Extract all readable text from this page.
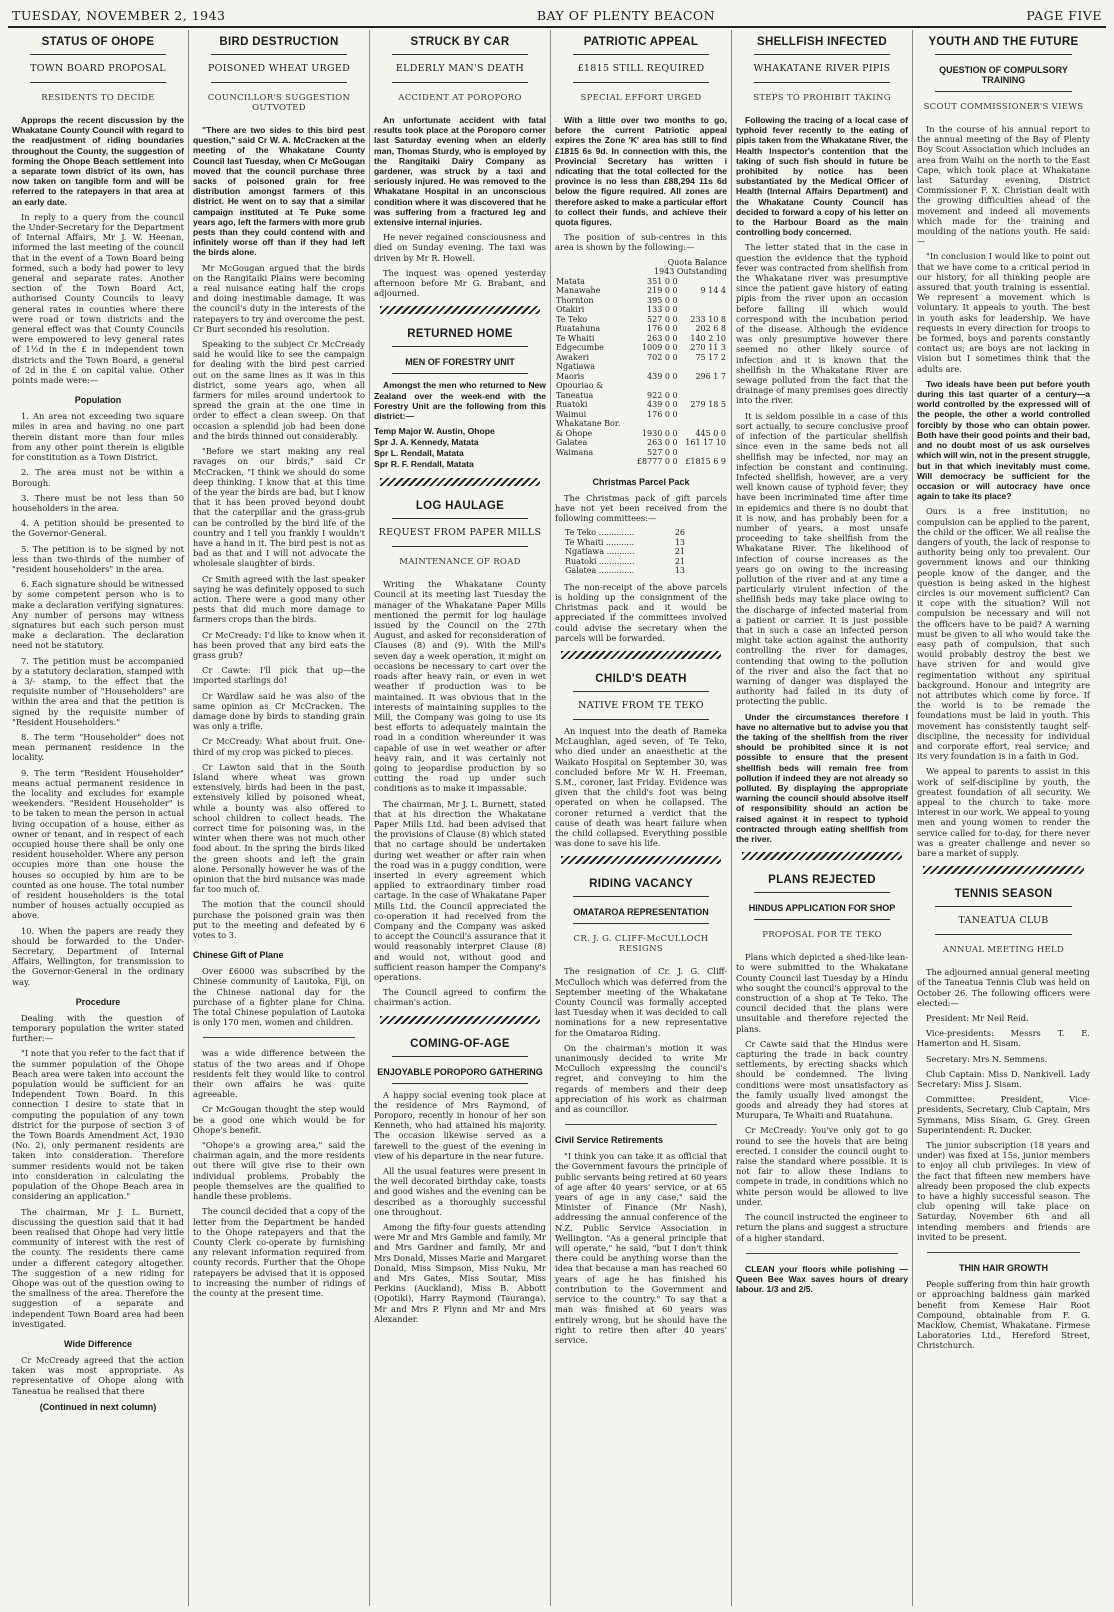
TUESDAY, NOVEMBER 2, 1943	BAY OF PLENTY BEACON	PAGE FIVE
STATUS OF OHOPE
TOWN BOARD PROPOSAL
RESIDENTS TO DECIDE

Approps the recent discussion by the Whakatane County Council with regard to the readjustment of riding boundaries throughout the County, the suggestion of forming the Ohope Beach settlement into a separate town district of its own, has now taken on tangible form and will be referred to the ratepayers in that area at an early date.

In reply to a query from the council the Under-Secretary for the Department of Internal Affairs, Mr J. W. Heenan, informed the last meeting of the council that in the event of a Town Board being formed, such a body had power to levy general and separate rates. Another section of the Town Board Act, authorised County Councils to leavy general rates in counties where there were road or town districts and the general effect was that County Councils were empowered to levy general rates of 1½d in the £ in independent town districts and the Town Board, a general of 2d in the £ on capital value. Other points made were:—

Population

1. An area not exceeding two square miles in area and having no one part therein distant more than four miles from any other point therein is eligible for constitution as a Town District.

2. The area must not be within a Borough.

3. There must be not less than 50 householders in the area.

4. A petition should be presented to the Governor-General.

5. The petition is to be signed by not less than two-thirds of the number of "resident householders" in the area.

6. Each signature should be witnessed by some competent person who is to make a declaration verifying signatures. Any number of persons may witness signatures but each such person must make a declaration. The declaration need not be statutory.

7. The petition must be accompanied by a statutory declaration, stamped with a 3/- stamp, to the effect that the requisite number of "Householders" are within the area and that the petition is signed by the requisite number of "Resident Householders."

8. The term "Householder" does not mean permanent residence in the locality.

9. The term "Resident Householder" means actual permanent residence in the locality and excludes for example weekenders. "Resident Householder" is to be taken to mean the person in actual living occupation of a house, either as owner or tenant, and in respect of each occupied house there shall be only one resident householder. Where any person occupies more than one house the houses so occupied by him are to be counted as one house. The total number of resident householders is the total number of houses actually occupied as above.

10. When the papers are ready they should be forwarded to the Under-Secretary, Department of Internal Affairs, Wellington, for transmission to the Governor-General in the ordinary way.

Procedure

Dealing with the question of temporary population the writer stated further:—

"I note that you refer to the fact that if the summer population of the Ohope Beach area were taken into account the population would be sufficient for an Independent Town Board. In this connection I desire to state that in computing the population of any town district for the purpose of section 3 of the Town Boards Amendment Act, 1930 (No. 2), only permanent residents are taken into consideration. Therefore summer residents would not be taken into consideration in calculating the population of the Ohope Beach area in considering an application."

The chairman, Mr J. L. Burnett, discussing the question said that it had been realised that Ohope had very little community of interest with the rest of the county. The residents there came under a different category altogether. The suggestion of a new riding for Ohope was out of the question owing to the smallness of the area. Therefore the suggestion of a separate and independent Town Board area had been investigated.

Wide Difference

Cr McCready agreed that the action taken was most appropriate. As representative of Ohope along with Taneatua he realised that there

(Continued in next column)
BIRD DESTRUCTION
POISONED WHEAT URGED
COUNCILLOR'S SUGGESTION OUTVOTED

"There are two sides to this bird pest question," said Cr W. A. McCracken at the meeting of the Whakatane County Council last Tuesday, when Cr McGougan moved that the council purchase three sacks of poisoned grain for free distribution amongst farmers of this district. He went on to say that a similar campaign instituted at Te Puke some years ago, left the farmers with more grub pests than they could contend with and infinitely worse off than if they had left the birds alone.

Mr McGougan argued that the birds on the Rangitaiki Plains were becoming a real nuisance eating half the crops and doing inestimable damage. It was the council's duty in the interests of the ratepayers to try and overcome the pest. Cr Burt seconded his resolution.

Speaking to the subject Cr McCready said he would like to see the campaign for dealing with the bird pest carried out on the same lines as it was in this district, some years ago, when all farmers for miles around undertook to spread the grain at the one time in order to effect a clean sweep. On that occasion a splendid job had been done and the birds thinned out considerably.

"Before we start making any real ravages on our birds," said Cr McCracken, "I think we should do some deep thinking. I know that at this time of the year the birds are bad, but I know that it has been proved beyond doubt that the caterpillar and the grass-grub can be controlled by the bird life of the country and I tell you frankly I wouldn't have a hand in it. The bird pest is not as bad as that and I will not advocate the wholesale slaughter of birds.

Cr Smith agreed with the last speaker saying he was definitely opposed to such action. There were a good many other pests that did much more damage to farmers crops than the birds.

Cr McCready: I'd like to know when it has been proved that any bird eats the grass grub?

Cr Cawte: I'll pick that up—the imported starlings do!

Cr Wardlaw said he was also of the same opinion as Cr McCracken. The damage done by birds to standing grain was only a trifle.

Cr McCready: What about fruit. One-third of my crop was picked to pieces.

Cr Lawton said that in the South Island where wheat was grown extensively, birds had been in the past, extensively killed by poisoned wheat, while a bounty was also offered to school children to collect heads. The correct time for poisoning was, in the winter when there was not much other food about. In the spring the birds liked the green shoots and left the grain alone. Personally however he was of the opinion that the bird nuisance was made far too much of.

The motion that the council should purchase the poisoned grain was then put to the meeting and defeated by 6 votes to 3.

Chinese Gift of Plane

Over £6000 was subscribed by the Chinese community of Lautoka, Fiji, on the Chinese national day for the purchase of a fighter plane for China. The total Chinese population of Lautoka is only 170 men, women and children.

was a wide difference between the status of the two areas and if Ohope residents felt they would like to control their own affairs he was quite agreeable.

Cr McGougan thought the step would be a good one which would be for Ohope's benefit.

"Ohope's a growing area," said the chairman again, and the more residents out there will give rise to their own individual problems. Probably the people themselves are the qualified to handle these problems.

The council decided that a copy of the letter from the Department be handed to the Ohope ratepayers and that the County Clerk co-operate by furnishing any relevant information required from county records. Further that the Ohope ratepayers be advised that it is opposed to increasing the number of ridings of the county at the present time.

STRUCK BY CAR
ELDERLY MAN'S DEATH
ACCIDENT AT POROPORO

An unfortunate accident with fatal results took place at the Poroporo corner last Saturday evening when an elderly man, Thomas Sturdy, who is employed by the Rangitaiki Dairy Company as gardener, was struck by a taxi and seriously injured. He was removed to the Whakatane Hospital in an unconscious condition where it was discovered that he was suffering from a fractured leg and extensive internal injuries.

He never regained consciousness and died on Sunday evening. The taxi was driven by Mr R. Howell.

The inquest was opened yesterday afternoon before Mr G. Brabant, and adjourned.

RETURNED HOME
MEN OF FORESTRY UNIT

Amongst the men who returned to New Zealand over the week-end with the Forestry Unit are the following from this district:—

Temp Major W. Austin, Ohope
Spr J. A. Kennedy, Matata
Spr L. Rendall, Matata
Spr R. F. Rendall, Matata
LOG HAULAGE
REQUEST FROM PAPER MILLS
MAINTENANCE OF ROAD

Writing the Whakatane County Council at its meeting last Tuesday the manager of the Whakatane Paper Mills mentioned the permit for log haulage issued by the Council on the 27th August, and asked for reconsideration of Clauses (8) and (9). With the Mill's seven day a week operation, it might on occasions be necessary to cart over the roads after heavy rain, or even in wet weather if production was to be maintained. It was obvious that in the interests of maintaining supplies to the Mill, the Company was going to use its best efforts to adequately maintain the road in a condition whereunder it was capable of use in wet weather or after heavy rain, and it was certainly not going to jeopardise production by so cutting the road up under such conditions as to make it impassable.

The chairman, Mr J. L. Burnett, stated that at his direction the Whakatane Paper Mills Ltd. had been advised that the provisions of Clause (8) which stated that no cartage should be undertaken during wet weather or after rain when the road was in a puggy condition, were inserted in every agreement which applied to extraordinary timber road cartage. In the case of Whakatane Paper Mills Ltd. the Council appreciated the co-operation it had received from the Company and the Company was asked to accept the Council's assurance that it would reasonably interpret Clause (8) and would not, without good and sufficient reason hamper the Company's operations.

The Council agreed to confirm the chairman's action.

COMING-OF-AGE
ENJOYABLE POROPORO GATHERING

A happy social evening took place at the residence of Mrs Raymond, of Poroporo, recently in honour of her son Kenneth, who had attained his majority. The occasion likewise served as a farewell to the guest of the evening in view of his departure in the near future.

All the usual features were present in the well decorated birthday cake, toasts and good wishes and the evening can be described as a thoroughly successful one throughout.

Among the fifty-four guests attending were Mr and Mrs Gamble and family, Mr and Mrs Gardner and family, Mr and Mrs Donald, Misses Marie and Margaret Donald, Miss Simpson, Miss Nuku, Mr and Mrs Gates, Miss Soutar, Miss Perkins (Auckland), Miss B. Abbott (Opotiki), Harry Raymond (Tauranga), Mr and Mrs P. Flynn and Mr and Mrs Alexander.

PATRIOTIC APPEAL
£1815 STILL REQUIRED
SPECIAL EFFORT URGED

With a little over two months to go, before the current Patriotic appeal expires the Zone 'K' area has still to find £1815 6s 9d. In connection with this, the Provincial Secretary has written i ndicating that the total collected for the province is no less than £88,294 11s 6d below the figure required. All zones are therefore asked to make a particular effort to collect their funds, and achieve their quota figures.

The position of sub-centres in this area is shown by the following:—

Quota Balance
1943 Outstanding
Matata	351 0 0	
Manawahe	219 0 0	9 14 4
Thornton	395 0 0	
Otakiri	133 0 0	
Te Teko	527 0 0	233 10 8
Ruatahuna	176 0 0	202 6 8
Te Whaiti	263 0 0	140 2 10
Edgecumbe	1009 0 0	270 11 3
Awakeri	702 0 0	75 17 2
Ngatiawa		
Maoris	439 0 0	296 1 7
Opouriao &		
Taneatua	922 0 0	
Ruatoki	439 0 0	279 18 5
Waimui	176 0 0	
Whakatane Bor.		
& Ohope	1930 0 0	445 0 0
Galatea	263 0 0	161 17 10
Waimana	527 0 0	
	£8777 0 0	£1815 6 9
Christmas Parcel Pack

The Christmas pack of gift parcels have not yet been received from the following committees:—

Te Teko ..............	26
Te Whaiti ...........	13
Ngatiawa ...........	21
Ruatoki ..............	21
Galatea ..............	13

The non-receipt of the above parcels is holding up the consignment of the Christmas pack and it would be appreciated if the committees involved could advise the secretary when the parcels will be forwarded.

CHILD'S DEATH
NATIVE FROM TE TEKO

An inquest into the death of Rameka McLaughlan, aged seven, of Te Teko, who died under an anaesthetic at the Waikato Hospital on September 30, was concluded before Mr W. H. Freeman, S.M., coroner, last Friday. Evidence was given that the child's foot was being operated on when he collapsed. The coroner returned a verdict that the cause of death was heart failure when the child collapsed. Everything possible was done to save his life.

RIDING VACANCY
OMATAROA REPRESENTATION
CR. J. G. CLIFF-McCULLOCH RESIGNS

The resignation of Cr. J. G. Cliff-McCulloch which was deferred from the September meeting of the Whakatane County Council was formally accepted last Tuesday when it was decided to call nominations for a new representative for the Omataroa Riding.

On the chairman's motion it was unanimously decided to write Mr McCulloch expressing the council's regret, and conveying to him the regards of members and their deep appreciation of his work as chairman and as councillor.

Civil Service Retirements

"I think you can take it as official that the Government favours the principle of public servants being retired at 60 years of age after 40 years' service, or at 65 years of age in any case," said the Minister of Finance (Mr Nash), addressing the annual conference of the N.Z. Public Service Association in Wellington. "As a general principle that will operate," he said, "but I don't think there could be anything worse than the idea that because a man has reached 60 years of age he has finished his contribution to the Government and service to the country." To say that a man was finished at 60 years was entirely wrong, but he should have the right to retire then after 40 years' service.

SHELLFISH INFECTED
WHAKATANE RIVER PIPIS
STEPS TO PROHIBIT TAKING

Following the tracing of a local case of typhoid fever recently to the eating of pipis taken from the Whakatane River, the Health Inspector's contention that the taking of such fish should in future be prohibited by notice has been substantiated by the Medical Officer of Health (Internal Affairs Department) and the Whakatane County Council has decided to forward a copy of his letter on to the Harbour Board as the main controlling body concerned.

The letter stated that in the case in question the evidence that the typhoid fever was contracted from shellfish from the Whakatane river was presumptive since the patient gave history of eating pipis from the river upon an occasion before falling ill which would correspond with the incubation period of the disease. Although the evidence was only presumptive however there seemed no other likely source of infection and it is known that the shellfish in the Whakatane River are sewage polluted from the fact that the drainage of many premises goes directly into the river.

It is seldom possible in a case of this sort actually, to secure conclusive proof of infection of the particular shellfish since even in the same beds not all shellfish may be infected, nor may an infection be constant and continuing. Infected shellfish, however, are a very well known cause of typhoid fever; they have been incriminated time after time in epidemics and there is no doubt that it is now, and has probably been for a number of years, a most unsafe proceeding to take shellfish from the Whakatane River. The likelihood of infection of course increases as the years go on owing to the increasing pollution of the river and at any time a particularly virulent infection of the shellfish beds may take place owing to the discharge of infected material from a patient or carrier. It is just possible that in such a case an infected person might take action against the authority controlling the river for damages, contending that owing to the pollution of the river and also the fact that no warning of danger was displayed the authority had failed in its duty of protecting the public.

Under the circumstances therefore I have no alternative but to advise you that the taking of the shellfish from the river should be prohibited since it is not possible to ensure that the present shellfish beds will remain free from pollution if indeed they are not already so polluted. By displaying the appropriate warning the council should absolve itself of responsibility should an action be raised against it in respect to typhoid contracted through eating shellfish from the river.

PLANS REJECTED
HINDUS APPLICATION FOR SHOP
PROPOSAL FOR TE TEKO

Plans which depicted a shed-like lean-to were submitted to the Whakatane County Council last Tuesday by a Hindu who sought the council's approval to the construction of a shop at Te Teko. The council decided that the plans were unsuitable and therefore rejected the plans.

Cr Cawte said that the Hindus were capturing the trade in back country settlements, by erecting shacks which should be condemned. The living conditions were most unsatisfactory as the family usually lived amongst the goods and already they had stores at Murupara, Te Whaiti and Ruatahuna.

Cr McCready: You've only got to go round to see the hovels that are being erected. I consider the council ought to raise the standard where possible. It is not fair to allow these Indians to compete in trade, in conditions which no white person would be allowed to live under.

The council instructed the engineer to return the plans and suggest a structure of a higher standard.

CLEAN your floors while polishing —Queen Bee Wax saves hours of dreary labour. 1/3 and 2/5.

YOUTH AND THE FUTURE
QUESTION OF COMPULSORY TRAINING
SCOUT COMMISSIONER'S VIEWS

In the course of his annual report to the annual meeting of the Bay of Plenty Boy Scout Association which includes an area from Waihi on the north to the East Cape, which took place at Whakatane last Saturday evening, District Commissioner F. X. Christian dealt with the growing difficulties ahead of the movement and indeed all movements which made for the training and moulding of the nations youth. He said:—

"In conclusion I would like to point out that we have come to a critical period in our history, for all thinking people are assured that youth training is essential. We represent a movement which is voluntary. It appeals to youth. The best in youth asks for leadership. We have requests in every direction for troops to be formed, boys and parents constantly contact us; are boys are not lacking in vision but I sometimes think that the adults are.

Two ideals have been put before youth during this last quarter of a century—a world controlled by the expressed will of the people, the other a world controlled forcibly by those who can obtain power. Both have their good points and their bad, and no doubt most of us ask ourselves which will win, not in the present struggle, but in that which inevitably must come. Will democracy be sufficient for the occasion or will autocracy have once again to take its place?

Ours is a free institution; no compulsion can be applied to the parent, the child or the officer. We all realise the dangers of youth, the lack of response to authority being only too prevalent. Our government knows and our thinking people know of the danger, and the question is being asked in the highest circles is our movement sufficient? Can it cope with the situation? Will not compulsion be necessary and will not the officers have to be paid? A warning must be given to all who would take the easy path of compulsion, that such would probably destroy the best we have striven for and would give regimentation without any spiritual background. Honour and integrity are not attributes which come by force. If the world is to be remade the foundations must be laid in youth. This movement has consistently taught self-discipline, the necessity for individual and corporate effort, real service; and its very foundation is in a faith in God.

We appeal to parents to assist in this work of self-discipline by youth, the greatest foundation of all security. We appeal to the church to take more interest in our work. We appeal to young men and young women to render the service called for to-day, for there never was a greater challenge and never so bare a market of supply.

TENNIS SEASON
TANEATUA CLUB
ANNUAL MEETING HELD

The adjourned annual general meeting of the Taneatua Tennis Club was held on October 26. The following officers were elected:—

President: Mr Neil Reid.

Vice-presidents: Messrs T. E. Hamerton and H. Sisam.

Secretary: Mrs N. Semmens.

Club Captain: Miss D. Nankivell. Lady Secretary: Miss J. Sisam.

Committee: President, Vice-presidents, Secretary, Club Captain, Mrs Symmans, Miss Sisam, G. Grey. Green Superintendent: R. Ducker.

The junior subscription (18 years and under) was fixed at 15s, junior members to enjoy all club privileges. In view of the fact that fifteen new members have already been proposed the club expects to have a highly successful season. The club opening will take place on Saturday, November 6th and all intending members and friends are invited to be present.

THIN HAIR GROWTH

People suffering from thin hair growth or approaching baldness gain marked benefit from Kemese Hair Root Compound, obtainable from F. G. Macklow, Chemist, Whakatane. Firmese Laboratories Ltd., Hereford Street, Christchurch.
